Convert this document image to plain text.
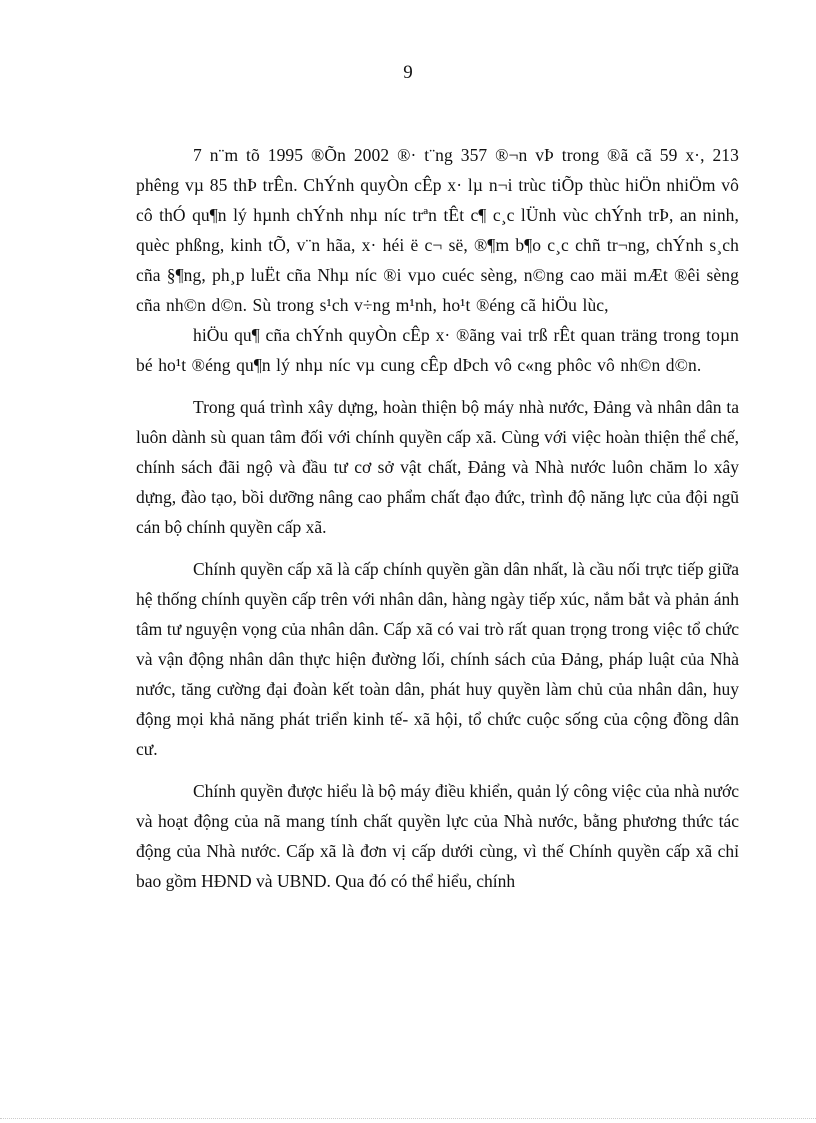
9

7 n¨m tõ 1995 ®Õn 2002 ®· t¨ng 357 ®¬n vÞ trong ®ã cã 59 x·, 213 phêng vµ 85 thÞ trÊn. ChÝnh quyÒn cÊp x· lµ n¬i trùc tiÕp thùc hiÖn nhiÖm vô cô thÓ qu¶n lý hµnh chÝnh nhµ níc trªn tÊt c¶ c¸c lÜnh vùc chÝnh trÞ, an ninh, quèc phßng, kinh tÕ, v¨n hãa, x· héi ë c¬ së, ®¶m b¶o c¸c chñ tr¬ng, chÝnh s¸ch cña §¶ng, ph¸p luËt cña Nhµ níc ®i vµo cuéc sèng, n©ng cao mäi mÆt ®êi sèng cña nh©n d©n. Sù trong s¹ch v÷ng m¹nh, ho¹t ®éng cã hiÖu lùc,

hiÖu qu¶ cña chÝnh quyÒn cÊp x· ®ãng vai trß rÊt quan träng trong toµn bé ho¹t ®éng qu¶n lý nhµ níc vµ cung cÊp dÞch vô c«ng phôc vô nh©n d©n.

Trong quá trình xây dựng, hoàn thiện bộ máy nhà nước, Đảng và nhân dân ta luôn dành sù quan tâm đối với chính quyền cấp xã. Cùng với việc hoàn thiện thể chế, chính sách đãi ngộ và đầu tư cơ sở vật chất, Đảng và Nhà nước luôn chăm lo xây dựng, đào tạo, bồi dưỡng nâng cao phẩm chất đạo đức, trình độ năng lực của đội ngũ cán bộ chính quyền cấp xã.

Chính quyền cấp xã là cấp chính quyền gần dân nhất, là cầu nối trực tiếp giữa hệ thống chính quyền cấp trên với nhân dân, hàng ngày tiếp xúc, nắm bắt và phản ánh tâm tư nguyện vọng của nhân dân. Cấp xã có vai trò rất quan trọng trong việc tổ chức và vận động nhân dân thực hiện đường lối, chính sách của Đảng, pháp luật của Nhà nước, tăng cường đại đoàn kết toàn dân, phát huy quyền làm chủ của nhân dân, huy động mọi khả năng phát triển kinh tế- xã hội, tổ chức cuộc sống của cộng đồng dân cư.

Chính quyền được hiểu là bộ máy điều khiển, quản lý công việc của nhà nước và hoạt động của nã mang tính chất quyền lực của Nhà nước, bằng phương thức tác động của Nhà nước. Cấp xã là đơn vị cấp dưới cùng, vì thế Chính quyền cấp xã chỉ bao gồm HĐND và UBND. Qua đó có thể hiểu, chính
